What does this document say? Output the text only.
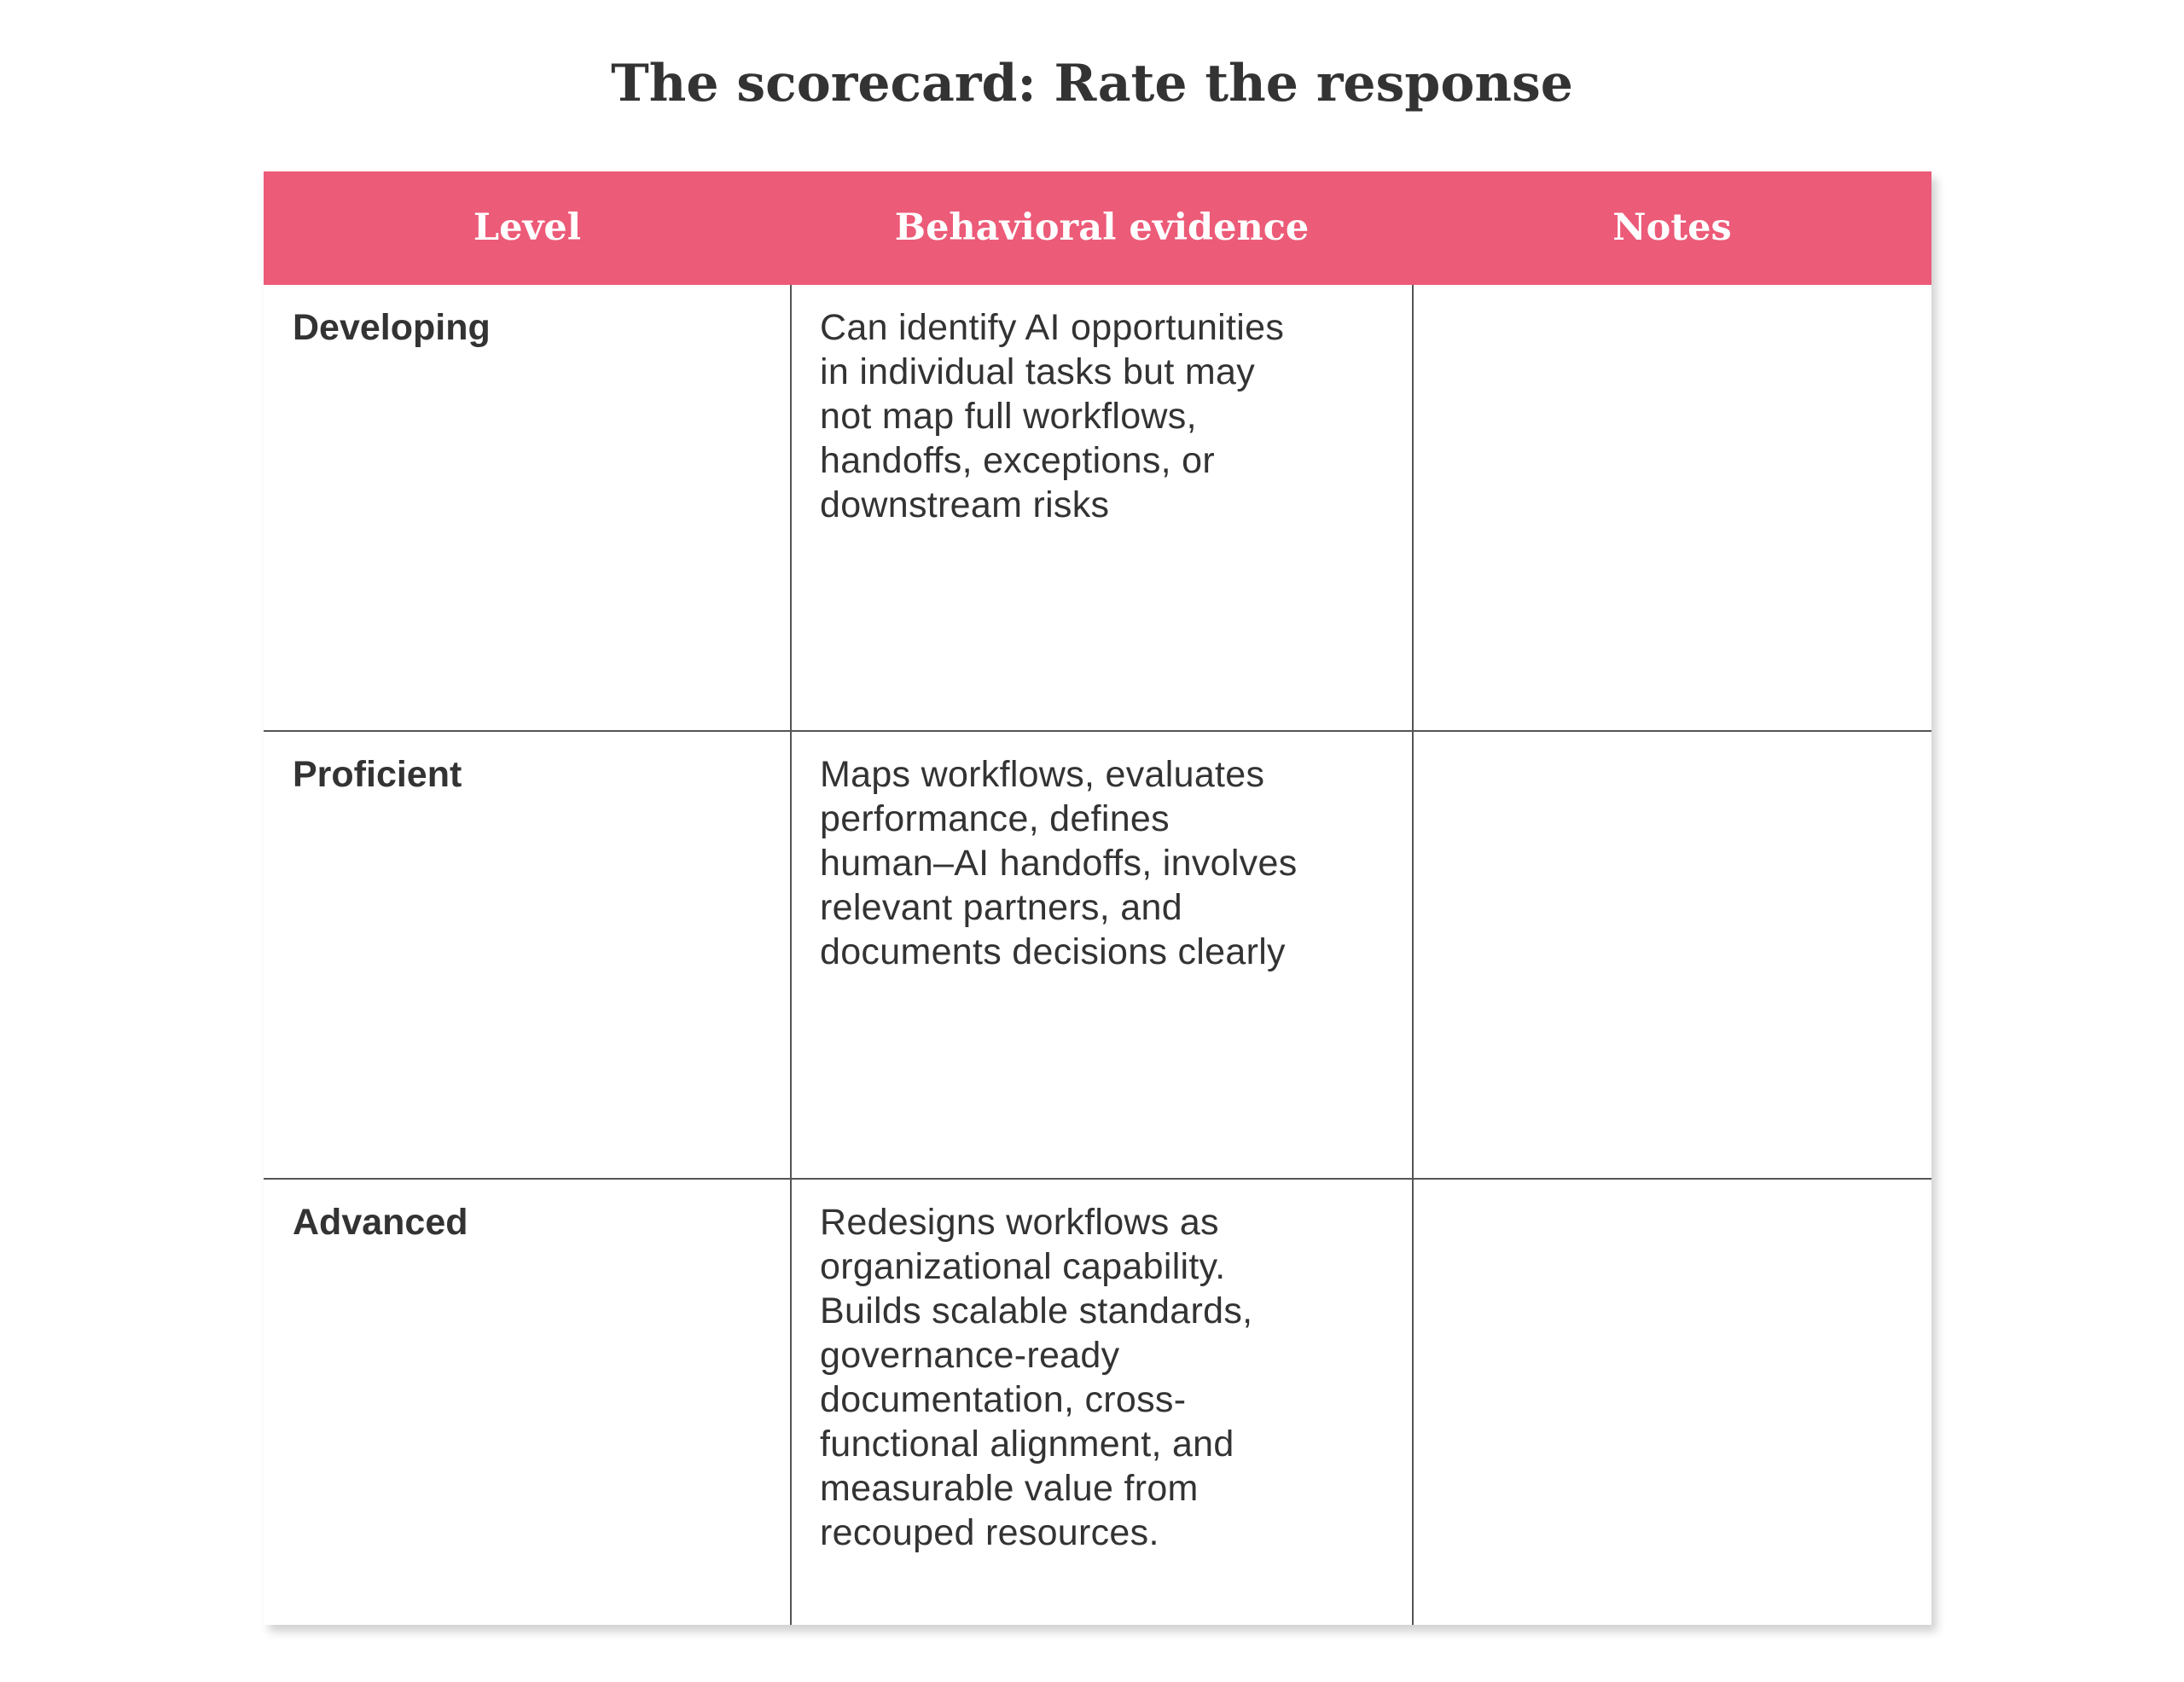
The scorecard: Rate the response
Level	Behavioral evidence	Notes
Developing	Can identify AI opportunities
in individual tasks but may
not map full workflows,
handoffs, exceptions, or
downstream risks
Proficient	Maps workflows, evaluates
performance, defines
human–AI handoffs, involves
relevant partners, and
documents decisions clearly
Advanced	Redesigns workflows as
organizational capability.
Builds scalable standards,
governance-ready
documentation, cross-
functional alignment, and
measurable value from
recouped resources.
